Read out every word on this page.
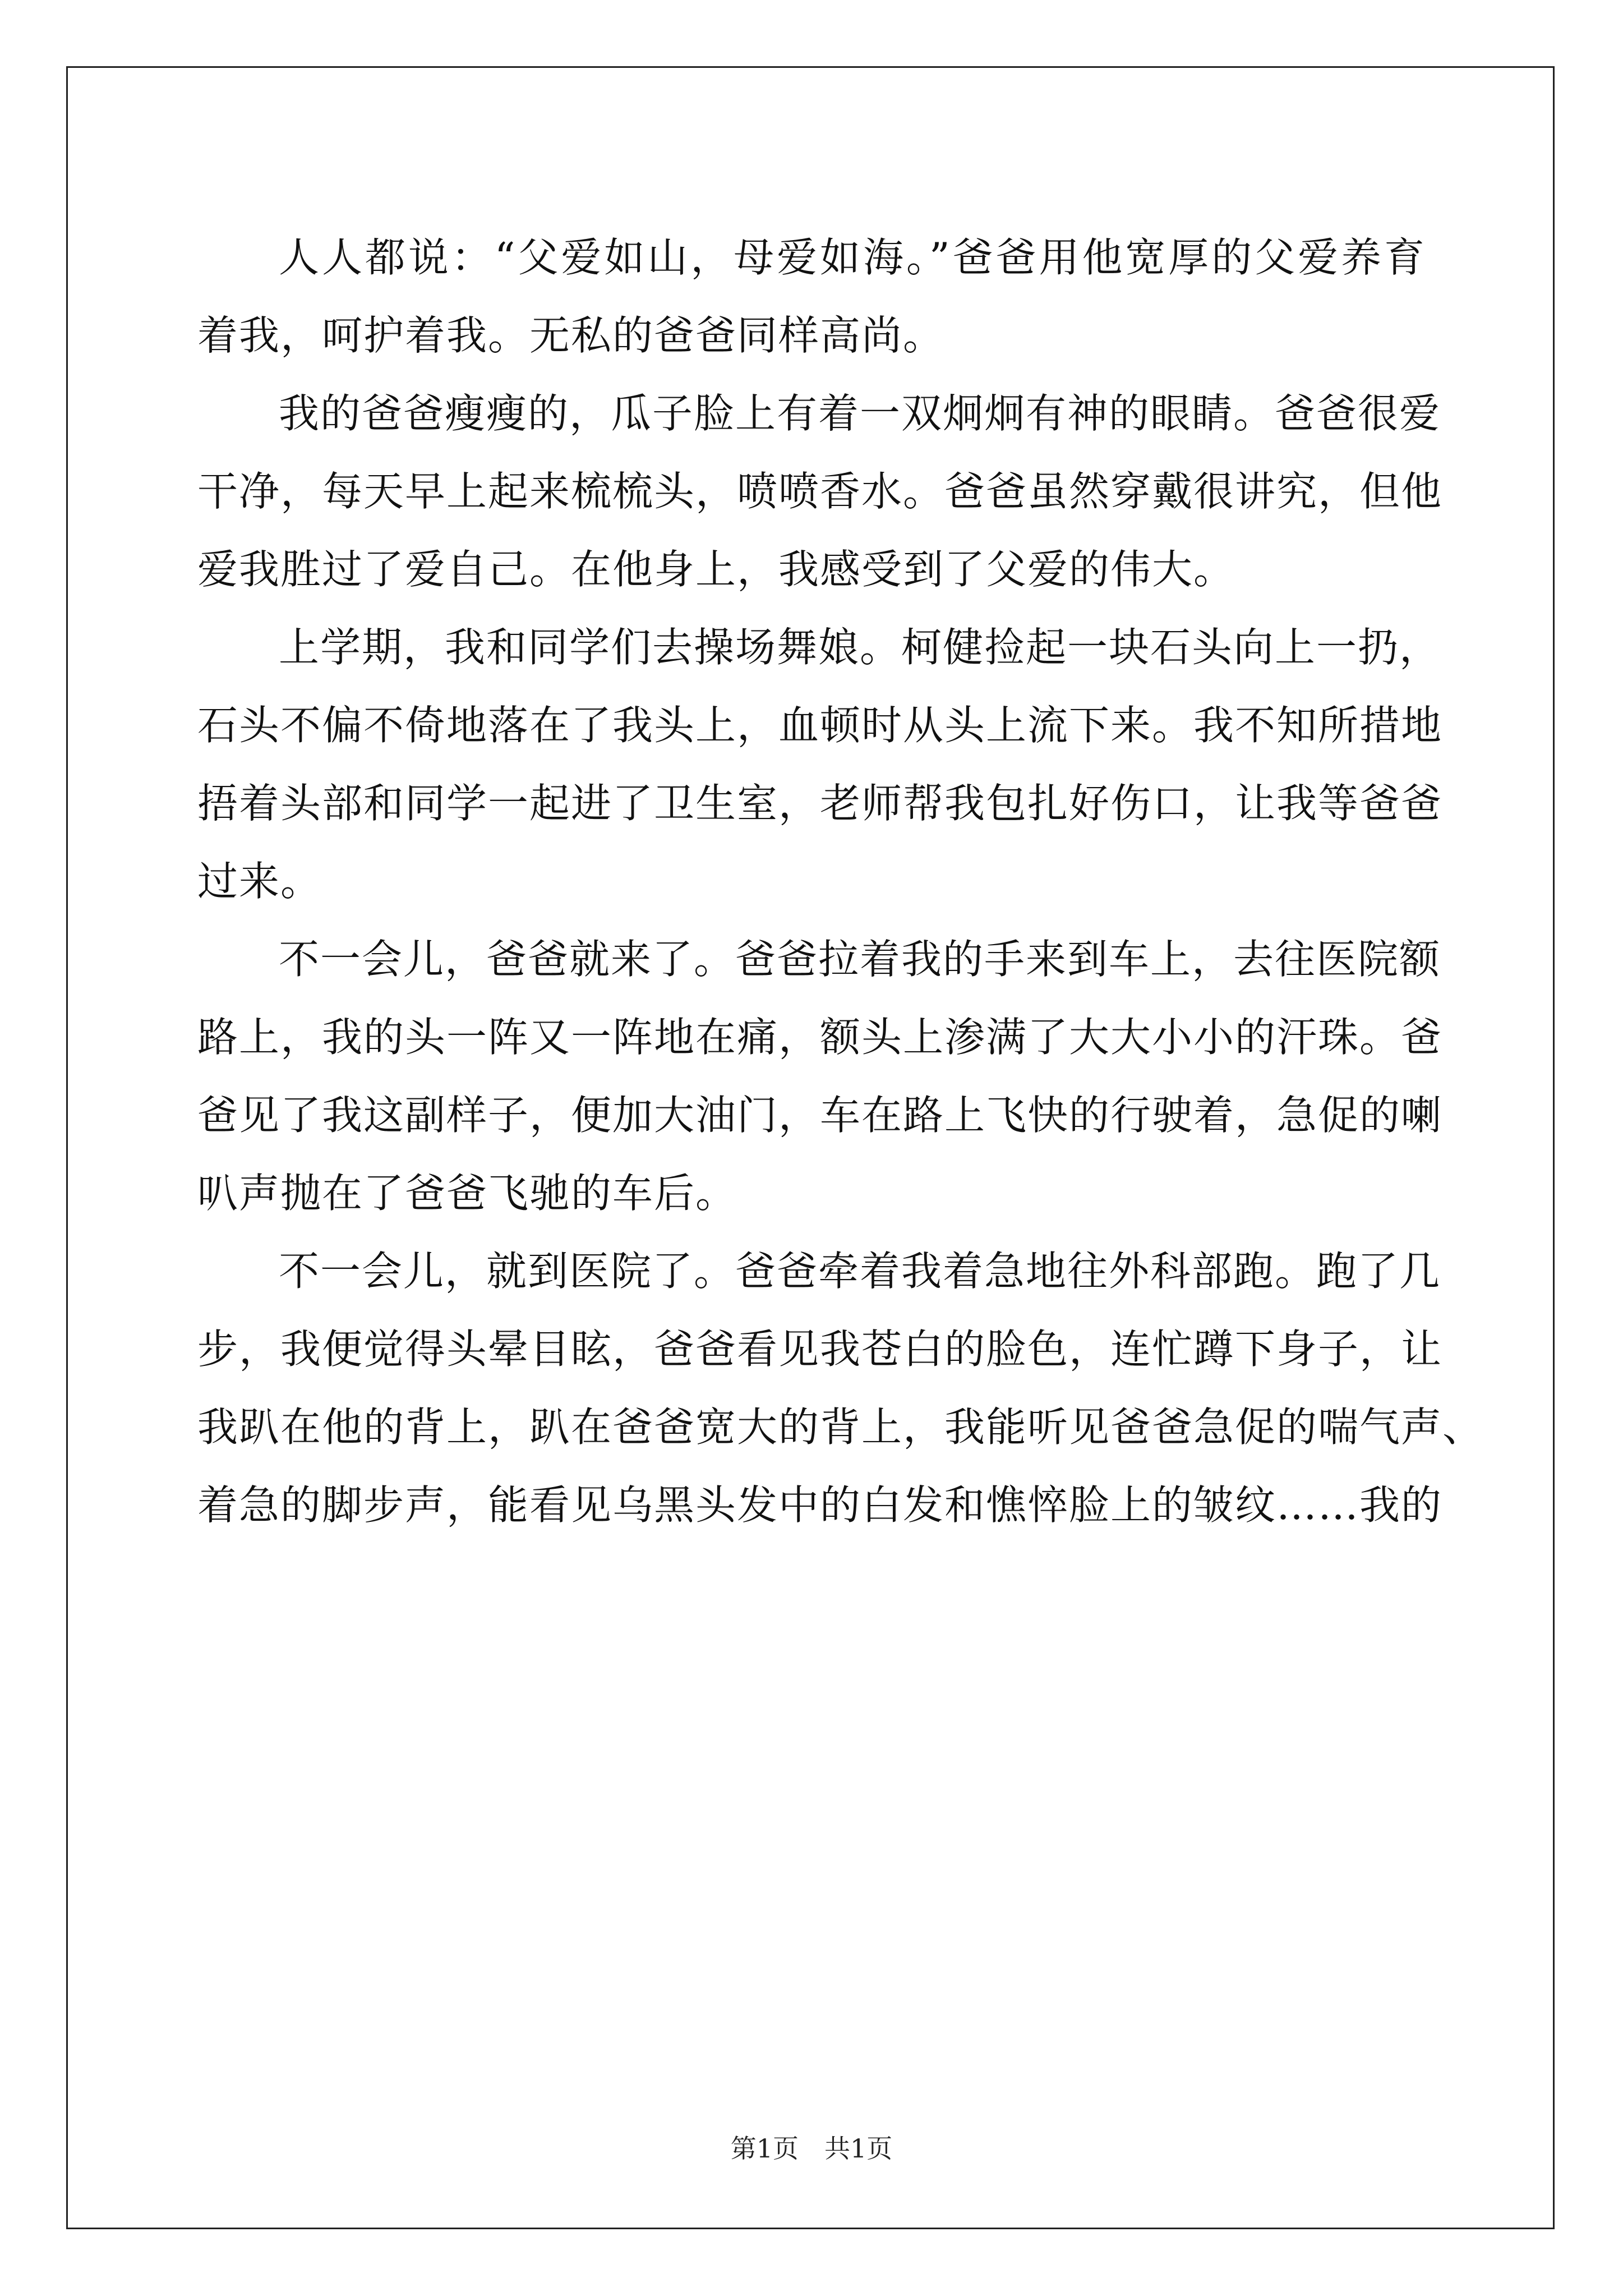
人人都说：“父爱如山，母爱如海。”爸爸用他宽厚的父爱养育
着我，呵护着我。无私的爸爸同样高尚。
我的爸爸瘦瘦的，瓜子脸上有着一双炯炯有神的眼睛。爸爸很爱
干净，每天早上起来梳梳头，喷喷香水。爸爸虽然穿戴很讲究，但他
爱我胜过了爱自己。在他身上，我感受到了父爱的伟大。
上学期，我和同学们去操场舞娘。柯健捡起一块石头向上一扔，
石头不偏不倚地落在了我头上，血顿时从头上流下来。我不知所措地
捂着头部和同学一起进了卫生室，老师帮我包扎好伤口，让我等爸爸
过来。
不一会儿，爸爸就来了。爸爸拉着我的手来到车上，去往医院额
路上，我的头一阵又一阵地在痛，额头上渗满了大大小小的汗珠。爸
爸见了我这副样子，便加大油门，车在路上飞快的行驶着，急促的喇
叭声抛在了爸爸飞驰的车后。
不一会儿，就到医院了。爸爸牵着我着急地往外科部跑。跑了几
步，我便觉得头晕目眩，爸爸看见我苍白的脸色，连忙蹲下身子，让
我趴在他的背上，趴在爸爸宽大的背上，我能听见爸爸急促的喘气声、
着急的脚步声，能看见乌黑头发中的白发和憔悴脸上的皱纹……我的
第1页　共1页
